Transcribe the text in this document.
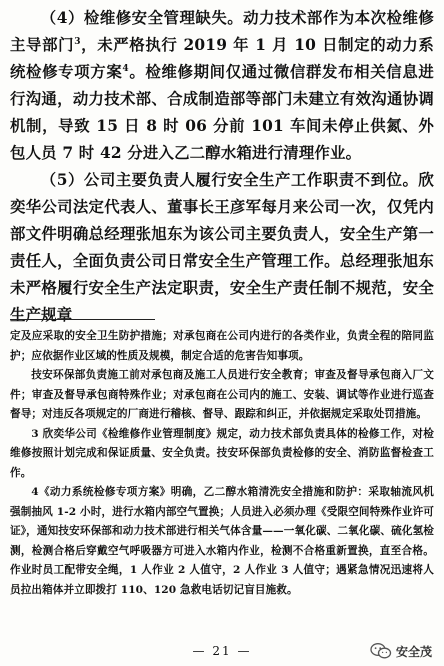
（4）检维修安全管理缺失。动力技术部作为本次检维修主导部门$^3$，未严格执行 2019 年 1 月 10 日制定的动力系统检修专项方案$^4$。检维修期间仅通过微信群发布相关信息进行沟通，动力技术部、合成制造部等部门未建立有效沟通协调机制，导致 15 日 8 时 06 分前 101 车间未停止供氮、外包人员 7 时 42 分进入乙二醇水箱进行清理作业。

（5）公司主要负责人履行安全生产工作职责不到位。欣奕华公司法定代表人、董事长王彦军每月来公司一次，仅凭内部文件明确总经理张旭东为该公司主要负责人，安全生产第一责任人，全面负责公司日常安全生产管理工作。总经理张旭东未严格履行安全生产法定职责，安全生产责任制不规范，安全生产规章

定及应采取的安全卫生防护措施；对承包商在公司内进行的各类作业，负责全程的陪同监护；应依据作业区域的性质及规模，制定合适的危害告知事项。

技安环保部负责施工前对承包商及施工人员进行安全教育；审查及督导承包商入厂文件；审查及督导承包商特殊作业；对承包商在公司内的施工、安装、调试等作业进行巡查督导；对违反各项规定的厂商进行稽核、督导、跟踪和纠正，并依据规定采取处罚措施。

3 欣奕华公司《检维修作业管理制度》规定，动力技术部负责具体的检修工作，对检维修按照计划完成和保证质量、安全负责。技安环保部负责检修的安全、消防监督检查工作。

4《动力系统检修专项方案》明确，乙二醇水箱清洗安全措施和防护：采取轴流风机强制抽风 1-2 小时，进行水箱内部空气置换；人员进入必须办理《受限空间特殊作业许可证》，通知技安环保部和动力技术部进行相关气体含量——一氧化碳、二氧化碳、硫化氢检测，检测合格后穿戴空气呼吸器方可进入水箱内作业，检测不合格重新置换，直至合格。作业时员工配带安全绳，1 人作业 2 人值守，2 人作业 3 人值守；遇紧急情况迅速将人员拉出箱体并立即拨打 110、120 急救电话切记盲目施救。

— 21 —	安全茂
